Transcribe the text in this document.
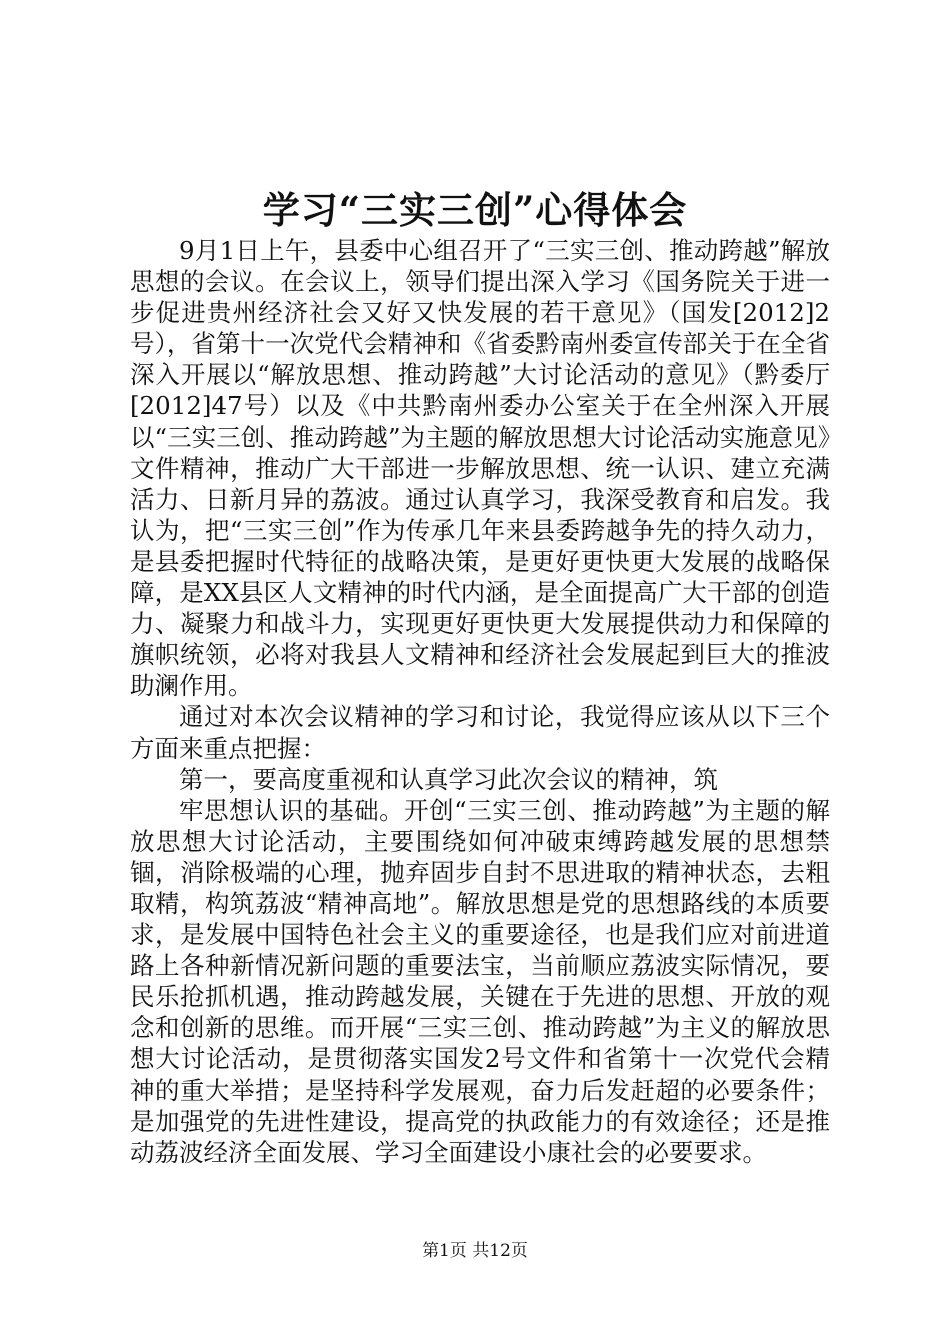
学习“三实三创”心得体会

9月1日上午，县委中心组召开了“三实三创、推动跨越”解放思想的会议。在会议上，领导们提出深入学习《国务院关于进一步促进贵州经济社会又好又快发展的若干意见》（国发[2012]2号），省第十一次党代会精神和《省委黔南州委宣传部关于在全省深入开展以“解放思想、推动跨越”大讨论活动的意见》（黔委厅[2012]47号）以及《中共黔南州委办公室关于在全州深入开展以“三实三创、推动跨越”为主题的解放思想大讨论活动实施意见》文件精神，推动广大干部进一步解放思想、统一认识、建立充满活力、日新月异的荔波。通过认真学习，我深受教育和启发。我认为，把“三实三创”作为传承几年来县委跨越争先的持久动力，是县委把握时代特征的战略决策，是更好更快更大发展的战略保障，是XX县区人文精神的时代内涵，是全面提高广大干部的创造力、凝聚力和战斗力，实现更好更快更大发展提供动力和保障的旗帜统领，必将对我县人文精神和经济社会发展起到巨大的推波助澜作用。

通过对本次会议精神的学习和讨论，我觉得应该从以下三个方面来重点把握：

第一，要高度重视和认真学习此次会议的精神，筑

牢思想认识的基础。开创“三实三创、推动跨越”为主题的解放思想大讨论活动，主要围绕如何冲破束缚跨越发展的思想禁锢，消除极端的心理，抛弃固步自封不思进取的精神状态，去粗取精，构筑荔波“精神高地”。解放思想是党的思想路线的本质要求，是发展中国特色社会主义的重要途径，也是我们应对前进道路上各种新情况新问题的重要法宝，当前顺应荔波实际情况，要民乐抢抓机遇，推动跨越发展，关键在于先进的思想、开放的观念和创新的思维。而开展“三实三创、推动跨越”为主义的解放思想大讨论活动，是贯彻落实国发2号文件和省第十一次党代会精神的重大举措；是坚持科学发展观，奋力后发赶超的必要条件；是加强党的先进性建设，提高党的执政能力的有效途径；还是推动荔波经济全面发展、学习全面建设小康社会的必要要求。

第1页 共12页
